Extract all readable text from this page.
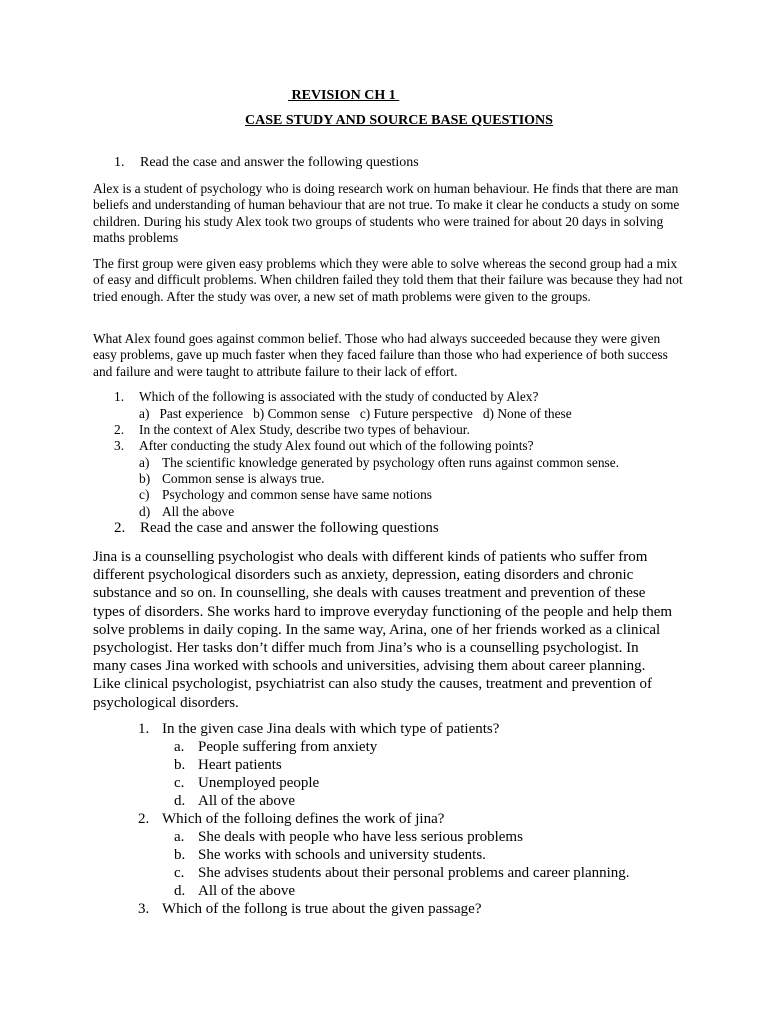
REVISION CH 1
CASE STUDY AND SOURCE BASE QUESTIONS
1. Read the case and answer the following questions

Alex is a student of psychology who is doing research work on human behaviour. He finds that there are man beliefs and understanding of human behaviour that are not true. To make it clear he conducts a study on some children. During his study Alex took two groups of students who were trained for about 20 days in solving maths problems

The first group were given easy problems which they were able to solve whereas the second group had a mix of easy and difficult problems. When children failed they told them that their failure was because they had not tried enough. After the study was over, a new set of math problems were given to the groups.

What Alex found goes against common belief. Those who had always succeeded because they were given easy problems, gave up much faster when they faced failure than those who had experience of both success and failure and were taught to attribute failure to their lack of effort.

1. Which of the following is associated with the study of conducted by Alex?
a)   Past experience b) Common sense c) Future perspective d) None of these
2. In the context of Alex Study, describe two types of behaviour.
3. After conducting the study Alex found out which of the following points?
a) The scientific knowledge generated by psychology often runs against common sense.
b) Common sense is always true.
c) Psychology and common sense have same notions
d) All the above
2. Read the case and answer the following questions

Jina is a counselling psychologist who deals with different kinds of patients who suffer from different psychological disorders such as anxiety, depression, eating disorders and chronic substance and so on. In counselling, she deals with causes treatment and prevention of these types of disorders. She works hard to improve everyday functioning of the people and help them solve problems in daily coping. In the same way, Arina, one of her friends worked as a clinical psychologist. Her tasks don’t differ much from Jina’s who is a counselling psychologist. In many cases Jina worked with schools and universities, advising them about career planning. Like clinical psychologist, psychiatrist can also study the causes, treatment and prevention of psychological disorders.

1. In the given case Jina deals with which type of patients?
a. People suffering from anxiety
b. Heart patients
c. Unemployed people
d. All of the above
2. Which of the folloing defines the work of jina?
a. She deals with people who have less serious problems
b. She works with schools and university students.
c. She advises students about their personal problems and career planning.
d. All of the above
3. Which of the follong is true about the given passage?
